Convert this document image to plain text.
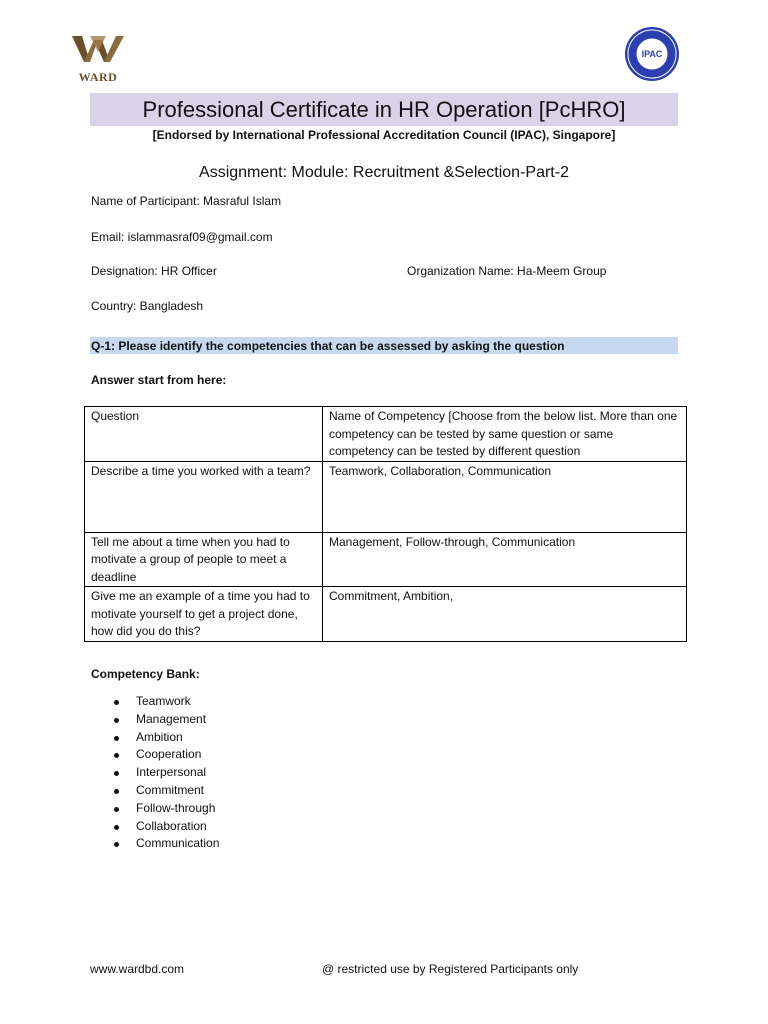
WARD
IPAC
Professional Certificate in HR Operation [PcHRO]
[Endorsed by International Professional Accreditation Council (IPAC), Singapore]
Assignment: Module: Recruitment &Selection-Part-2
Name of Participant: Masraful Islam
Email: islammasraf09@gmail.com
Designation: HR Officer	Organization Name: Ha-Meem Group
Country: Bangladesh
Q-1: Please identify the competencies that can be assessed by asking the question
Answer start from here:
Question	Name of Competency [Choose from the below list. More than one competency can be tested by same question or same competency can be tested by different question
Describe a time you worked with a team?	Teamwork, Collaboration, Communication
Tell me about a time when you had to motivate a group of people to meet a deadline	Management, Follow-through, Communication
Give me an example of a time you had to motivate yourself to get a project done, how did you do this?	Commitment, Ambition,
Competency Bank:
Teamwork
Management
Ambition
Cooperation
Interpersonal
Commitment
Follow-through
Collaboration
Communication
www.wardbd.com	@ restricted use by Registered Participants only
